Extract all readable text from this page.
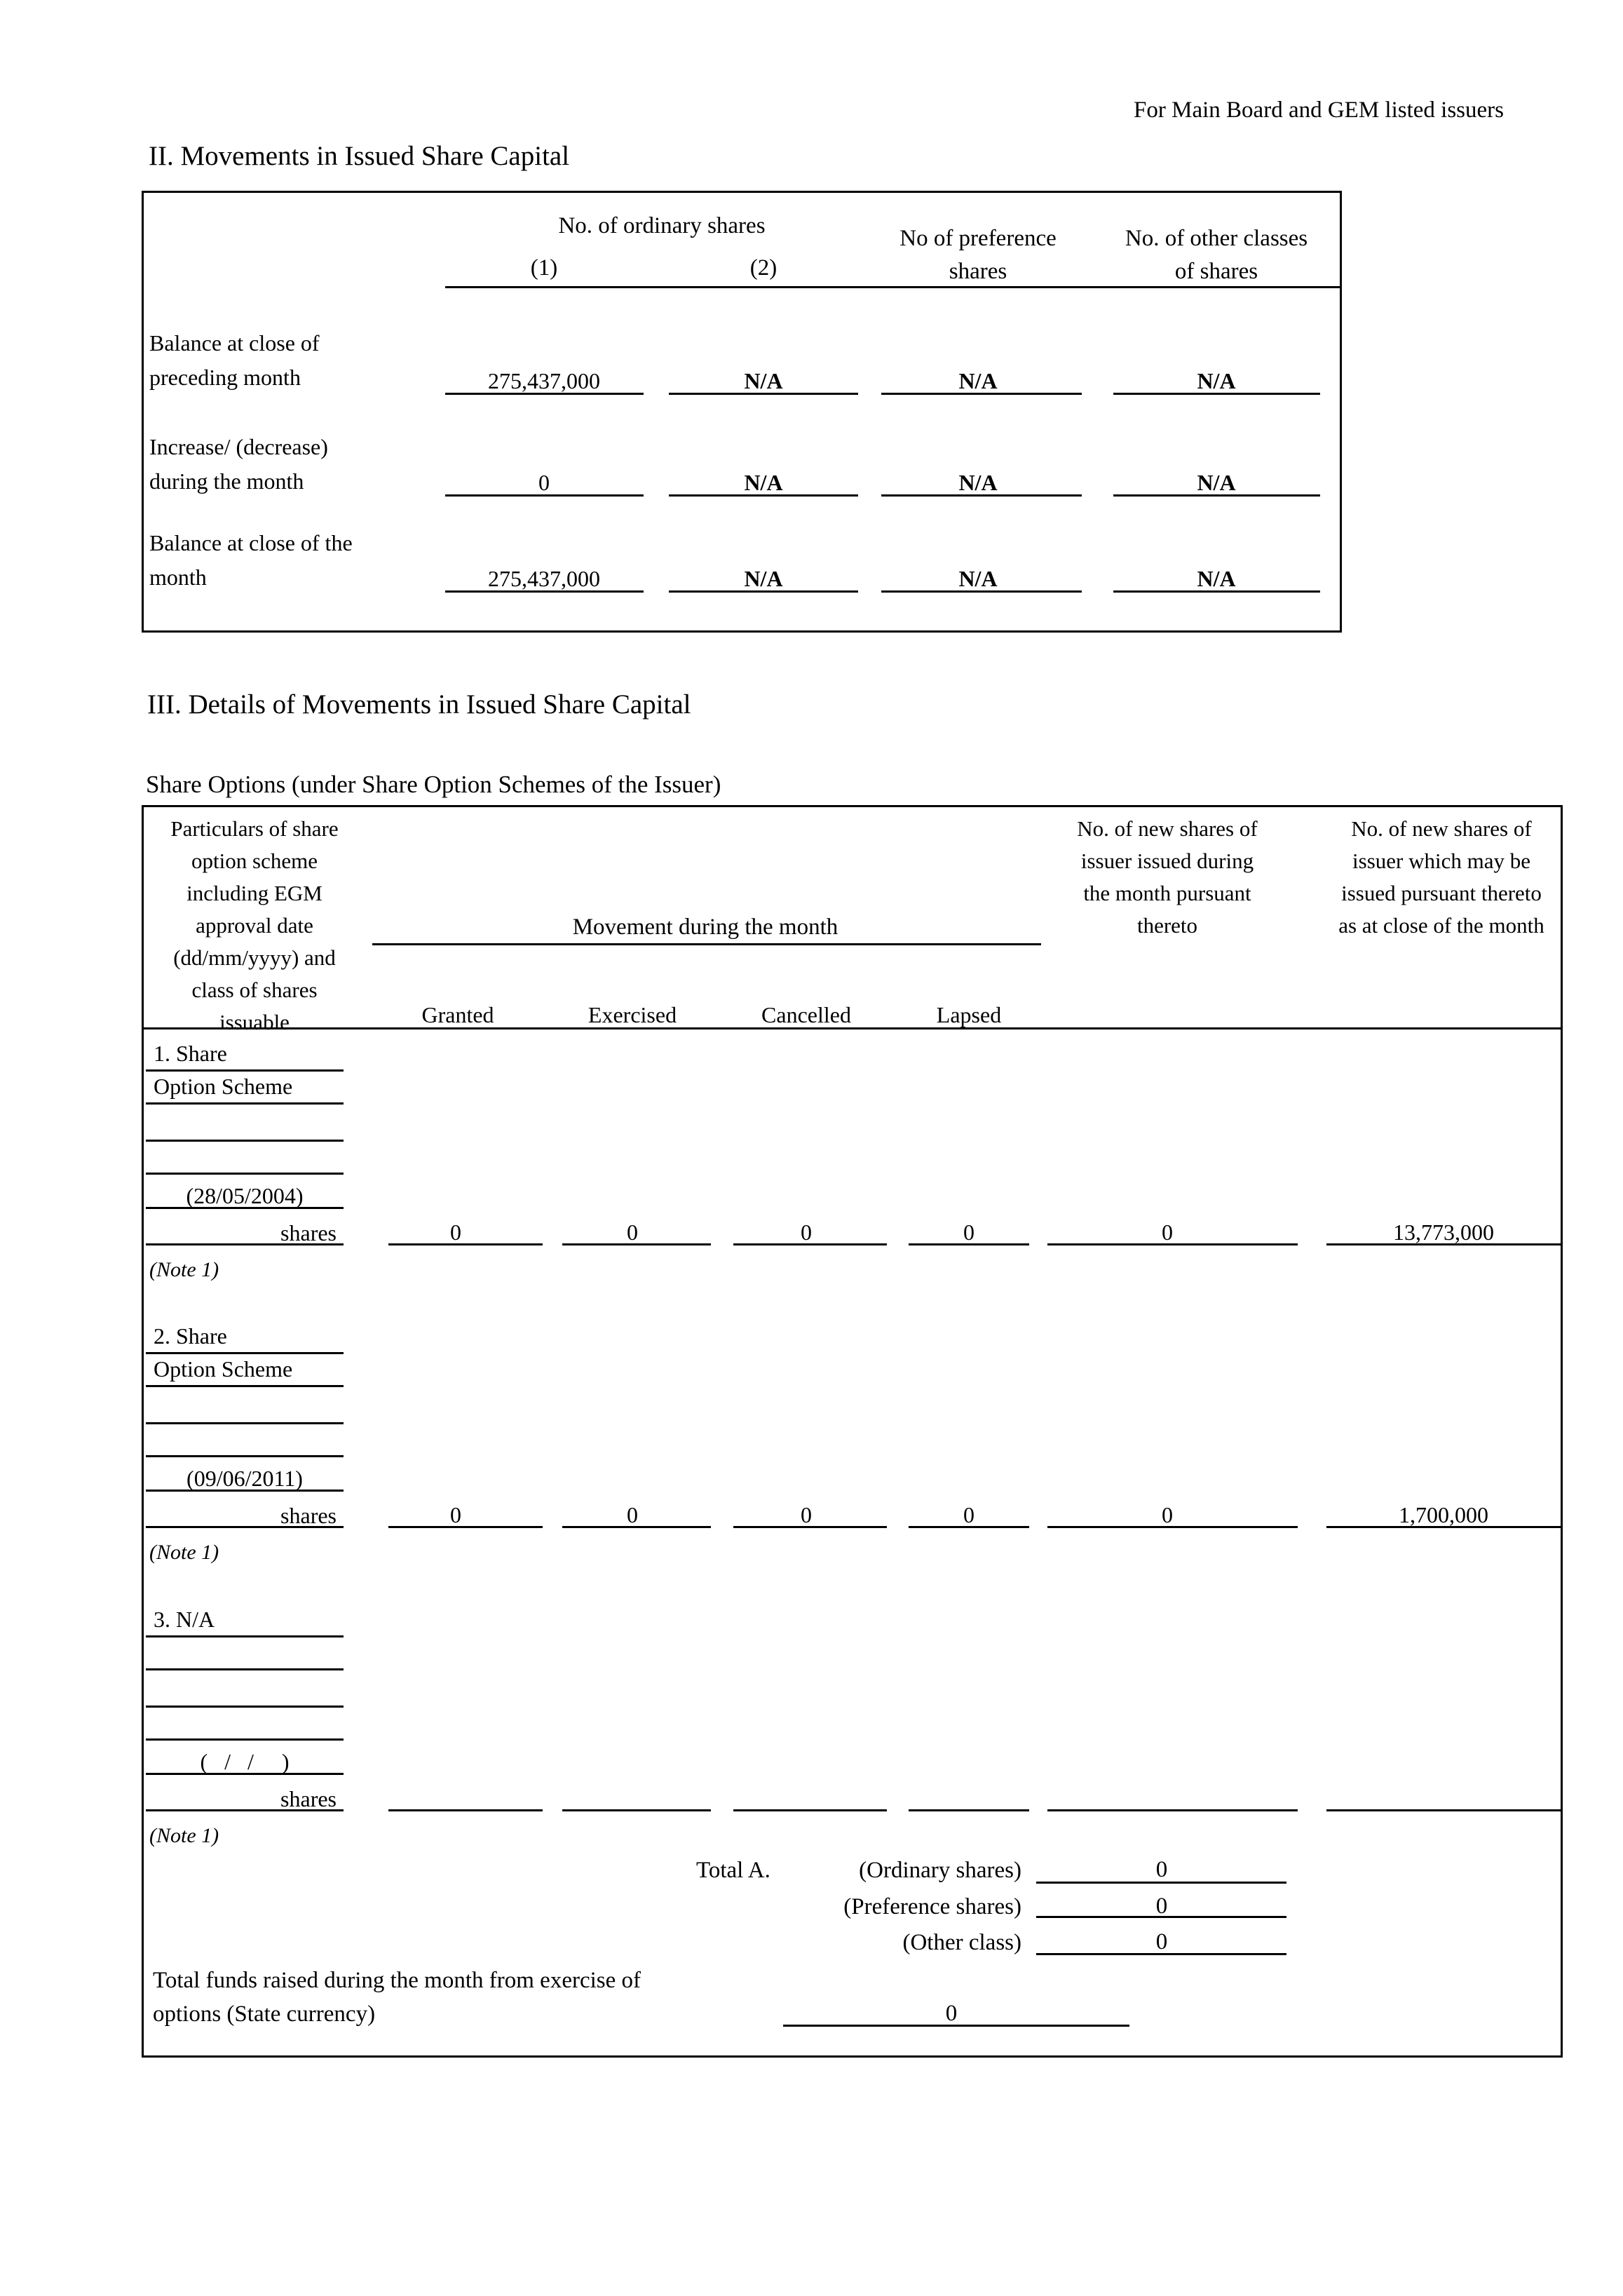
For Main Board and GEM listed issuers
II. Movements in Issued Share Capital
No. of ordinary shares
(1)	(2)
No of preference
shares
No. of other classes
of shares
Balance at close of
preceding month	275,437,000	N/A	N/A	N/A
Increase/ (decrease)
during the month	0	N/A	N/A	N/A
Balance at close of the
month	275,437,000	N/A	N/A	N/A
III. Details of Movements in Issued Share Capital
Share Options (under Share Option Schemes of the Issuer)
Particulars of share
option scheme
including EGM
approval date
(dd/mm/yyyy) and
class of shares
issuable
Movement during the month
Granted	Exercised	Cancelled	Lapsed
No. of new shares of
issuer issued during
the month pursuant
thereto
No. of new shares of
issuer which may be
issued pursuant thereto
as at close of the month
1. Share
Option Scheme
(28/05/2004)
shares	0	0	0	0	0	13,773,000
(Note 1)
2. Share
Option Scheme
(09/06/2011)
shares	0	0	0	0	0	1,700,000
(Note 1)
3. N/A
(   /   /     )
shares
(Note 1)
Total A.	(Ordinary shares)	0
(Preference shares)	0
(Other class)	0
Total funds raised during the month from exercise of
options (State currency)	0
